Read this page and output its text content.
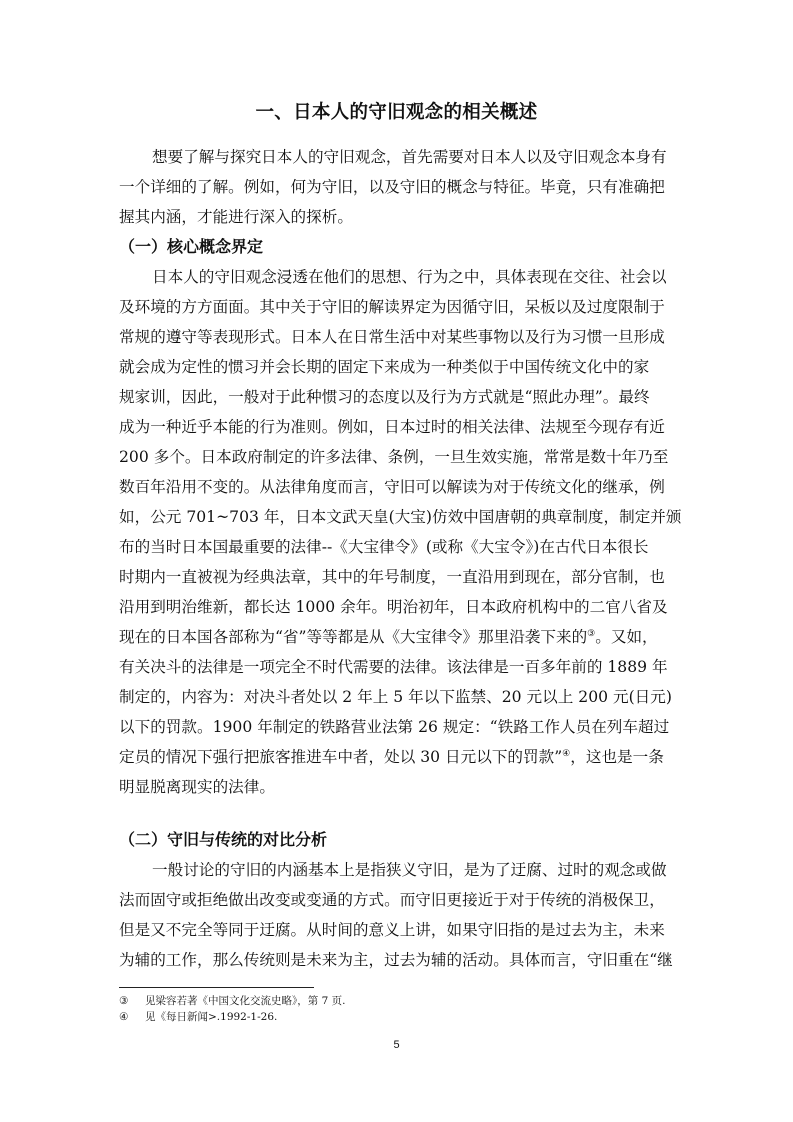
一、日本人的守旧观念的相关概述
想要了解与探究日本人的守旧观念，首先需要对日本人以及守旧观念本身有
一个详细的了解。例如，何为守旧，以及守旧的概念与特征。毕竟，只有准确把
握其内涵，才能进行深入的探析。
（一）核心概念界定
日本人的守旧观念浸透在他们的思想、行为之中，具体表现在交往、社会以
及环境的方方面面。其中关于守旧的解读界定为因循守旧，呆板以及过度限制于
常规的遵守等表现形式。日本人在日常生活中对某些事物以及行为习惯一旦形成
就会成为定性的惯习并会长期的固定下来成为一种类似于中国传统文化中的家
规家训，因此，一般对于此种惯习的态度以及行为方式就是“照此办理”。最终
成为一种近乎本能的行为准则。例如，日本过时的相关法律、法规至今现存有近
200 多个。日本政府制定的许多法律、条例，一旦生效实施，常常是数十年乃至
数百年沿用不变的。从法律角度而言，守旧可以解读为对于传统文化的继承，例
如，公元 701~703 年，日本文武天皇(大宝)仿效中国唐朝的典章制度，制定并颁
布的当时日本国最重要的法律--《大宝律令》(或称《大宝令》)在古代日本很长
时期内一直被视为经典法章，其中的年号制度，一直沿用到现在，部分官制，也
沿用到明治维新，都长达 1000 余年。明治初年，日本政府机构中的二官八省及
现在的日本国各部称为“省”等等都是从《大宝律令》那里沿袭下来的③。又如，
有关决斗的法律是一项完全不时代需要的法律。该法律是一百多年前的 1889 年
制定的，内容为：对决斗者处以 2 年上 5 年以下监禁、20 元以上 200 元(日元)
以下的罚款。1900 年制定的铁路营业法第 26 规定：“铁路工作人员在列车超过
定员的情况下强行把旅客推进车中者，处以 30 日元以下的罚款”④，这也是一条
明显脱离现实的法律。
（二）守旧与传统的对比分析
一般讨论的守旧的内涵基本上是指狭义守旧，是为了迂腐、过时的观念或做
法而固守或拒绝做出改变或变通的方式。而守旧更接近于对于传统的消极保卫，
但是又不完全等同于迂腐。从时间的意义上讲，如果守旧指的是过去为主，未来
为辅的工作，那么传统则是未来为主，过去为辅的活动。具体而言，守旧重在“继
③ 见梁容若著《中国文化交流史略》，第 7 页.
④ 见《每日新闻>.1992-1-26.
5
